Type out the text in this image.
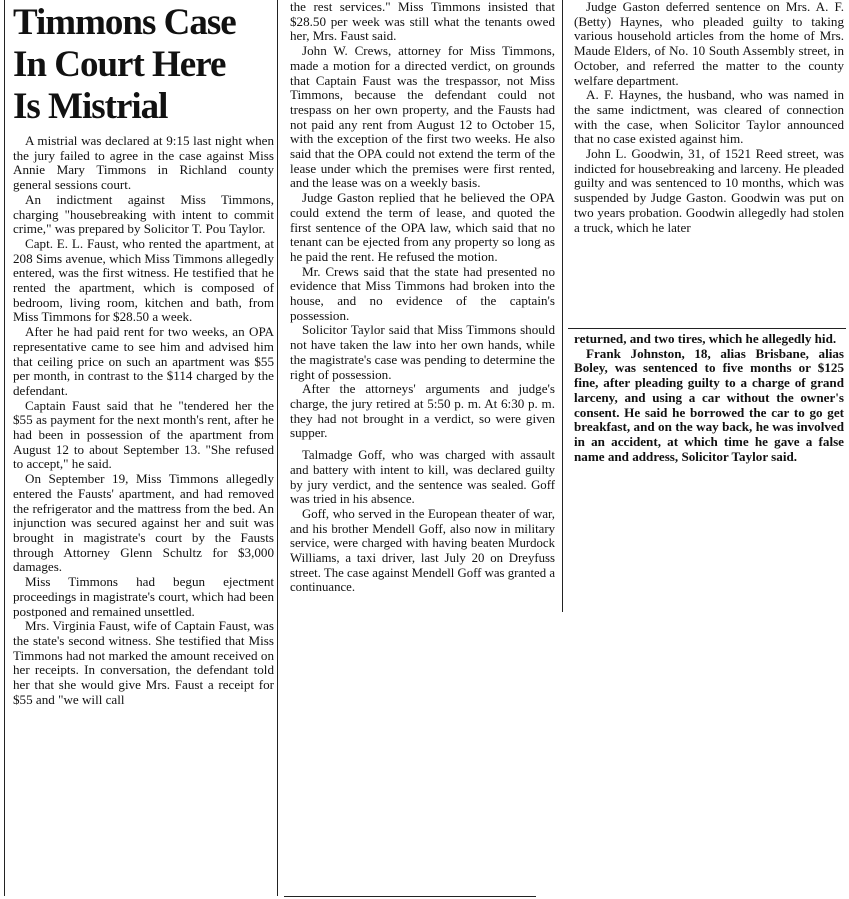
Timmons Case
In Court Here
Is Mistrial

A mistrial was declared at 9:15 last night when the jury failed to agree in the case against Miss Annie Mary Timmons in Richland county general sessions court.

An indictment against Miss Timmons, charging "housebreaking with intent to commit crime," was prepared by Solicitor T. Pou Taylor.

Capt. E. L. Faust, who rented the apartment, at 208 Sims avenue, which Miss Timmons allegedly entered, was the first witness. He testified that he rented the apartment, which is composed of bedroom, living room, kitchen and bath, from Miss Timmons for $28.50 a week.

After he had paid rent for two weeks, an OPA representative came to see him and advised him that ceiling price on such an apartment was $55 per month, in contrast to the $114 charged by the defendant.

Captain Faust said that he "tendered her the $55 as payment for the next month's rent, after he had been in possession of the apartment from August 12 to about September 13. "She refused to accept," he said.

On September 19, Miss Timmons allegedly entered the Fausts' apartment, and had removed the refrigerator and the mattress from the bed. An injunction was secured against her and suit was brought in magistrate's court by the Fausts through Attorney Glenn Schultz for $3,000 damages.

Miss Timmons had begun ejectment proceedings in magistrate's court, which had been postponed and remained unsettled.

Mrs. Virginia Faust, wife of Captain Faust, was the state's second witness. She testified that Miss Timmons had not marked the amount received on her receipts. In conversation, the defendant told her that she would give Mrs. Faust a receipt for $55 and "we will call

the rest services." Miss Timmons insisted that $28.50 per week was still what the tenants owed her, Mrs. Faust said.

John W. Crews, attorney for Miss Timmons, made a motion for a directed verdict, on grounds that Captain Faust was the trespassor, not Miss Timmons, because the defendant could not trespass on her own property, and the Fausts had not paid any rent from August 12 to October 15, with the exception of the first two weeks. He also said that the OPA could not extend the term of the lease under which the premises were first rented, and the lease was on a weekly basis.

Judge Gaston replied that he believed the OPA could extend the term of lease, and quoted the first sentence of the OPA law, which said that no tenant can be ejected from any property so long as he paid the rent. He refused the motion.

Mr. Crews said that the state had presented no evidence that Miss Timmons had broken into the house, and no evidence of the captain's possession.

Solicitor Taylor said that Miss Timmons should not have taken the law into her own hands, while the magistrate's case was pending to determine the right of possession.

After the attorneys' arguments and judge's charge, the jury retired at 5:50 p. m. At 6:30 p. m. they had not brought in a verdict, so were given supper.

Talmadge Goff, who was charged with assault and battery with intent to kill, was declared guilty by jury verdict, and the sentence was sealed. Goff was tried in his absence.

Goff, who served in the European theater of war, and his brother Mendell Goff, also now in military service, were charged with having beaten Murdock Williams, a taxi driver, last July 20 on Dreyfuss street. The case against Mendell Goff was granted a continuance.

Judge Gaston deferred sentence on Mrs. A. F. (Betty) Haynes, who pleaded guilty to taking various household articles from the home of Mrs. Maude Elders, of No. 10 South Assembly street, in October, and referred the matter to the county welfare department.

A. F. Haynes, the husband, who was named in the same indictment, was cleared of connection with the case, when Solicitor Taylor announced that no case existed against him.

John L. Goodwin, 31, of 1521 Reed street, was indicted for housebreaking and larceny. He pleaded guilty and was sentenced to 10 months, which was suspended by Judge Gaston. Goodwin was put on two years probation. Goodwin allegedly had stolen a truck, which he later

returned, and two tires, which he allegedly hid.

Frank Johnston, 18, alias Brisbane, alias Boley, was sentenced to five months or $125 fine, after pleading guilty to a charge of grand larceny, and using a car without the owner's consent. He said he borrowed the car to go get breakfast, and on the way back, he was involved in an accident, at which time he gave a false name and address, Solicitor Taylor said.
